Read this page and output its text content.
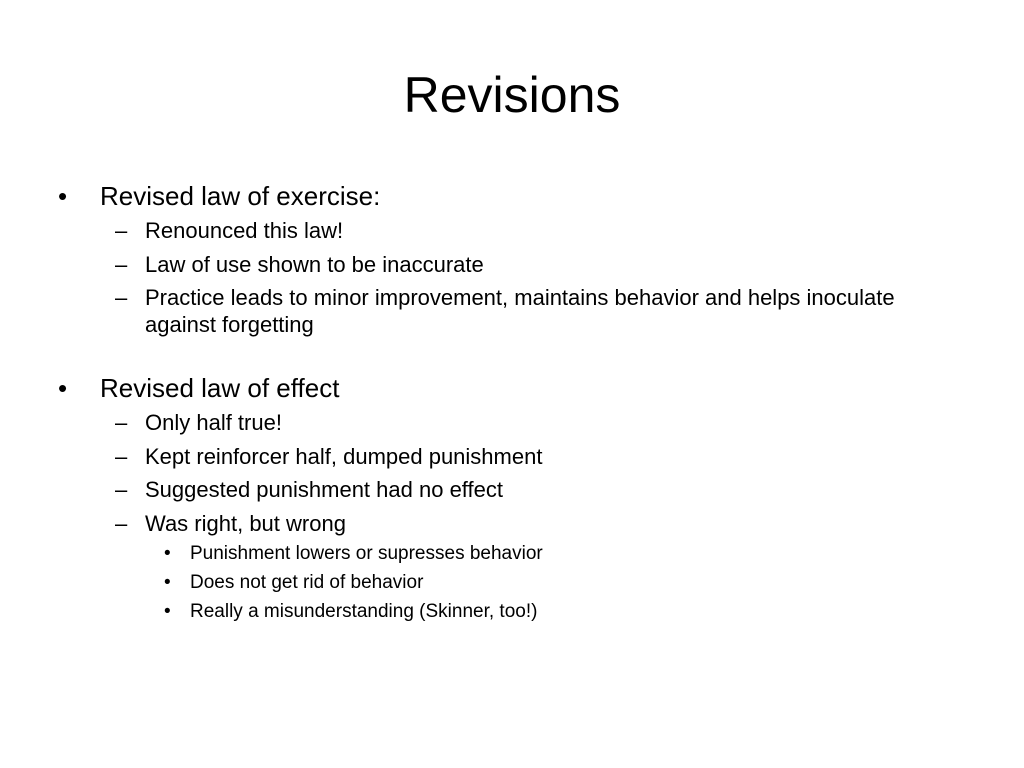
Revisions
• Revised law of exercise:
– Renounced this law!
– Law of use shown to be inaccurate
– Practice leads to minor improvement, maintains behavior and helps inoculate against forgetting
• Revised law of effect
– Only half true!
– Kept reinforcer half, dumped punishment
– Suggested punishment had no effect
– Was right, but wrong
• Punishment lowers or supresses behavior
• Does not get rid of behavior
• Really a misunderstanding (Skinner, too!)
